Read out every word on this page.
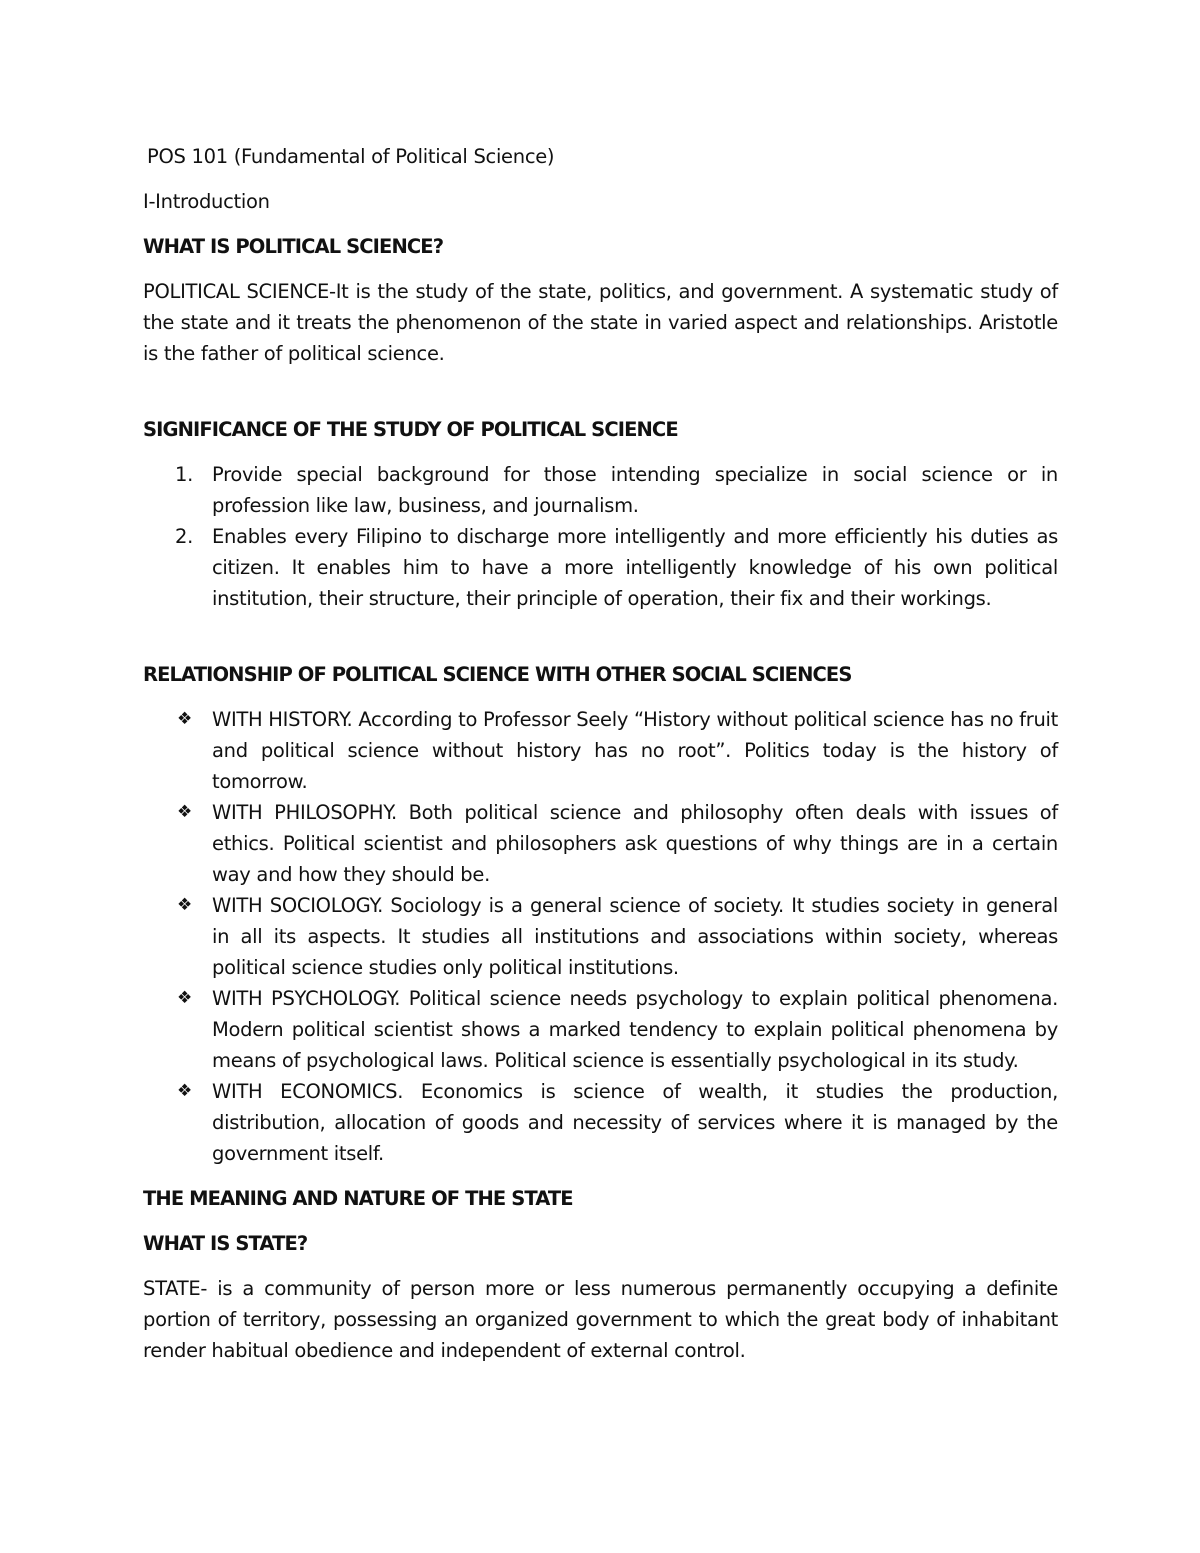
POS 101 (Fundamental of Political Science)

I-Introduction

WHAT IS POLITICAL SCIENCE?

POLITICAL SCIENCE-It is the study of the state, politics, and government. A systematic study of the state and it treats the phenomenon of the state in varied aspect and relationships. Aristotle is the father of political science.

SIGNIFICANCE OF THE STUDY OF POLITICAL SCIENCE

1. Provide special background for those intending specialize in social science or in profession like law, business, and journalism.
2. Enables every Filipino to discharge more intelligently and more efficiently his duties as citizen. It enables him to have a more intelligently knowledge of his own political institution, their structure, their principle of operation, their fix and their workings.

RELATIONSHIP OF POLITICAL SCIENCE WITH OTHER SOCIAL SCIENCES

❖	WITH HISTORY. According to Professor Seely “History without political science has no fruit and political science without history has no root”. Politics today is the history of tomorrow.
❖	WITH PHILOSOPHY. Both political science and philosophy often deals with issues of ethics. Political scientist and philosophers ask questions of why things are in a certain way and how they should be.
❖	WITH SOCIOLOGY. Sociology is a general science of society. It studies society in general in all its aspects. It studies all institutions and associations within society, whereas political science studies only political institutions.
❖	WITH PSYCHOLOGY. Political science needs psychology to explain political phenomena. Modern political scientist shows a marked tendency to explain political phenomena by means of psychological laws. Political science is essentially psychological in its study.
❖	WITH ECONOMICS. Economics is science of wealth, it studies the production, distribution, allocation of goods and necessity of services where it is managed by the government itself.

THE MEANING AND NATURE OF THE STATE

WHAT IS STATE?

STATE- is a community of person more or less numerous permanently occupying a definite portion of territory, possessing an organized government to which the great body of inhabitant render habitual obedience and independent of external control.
